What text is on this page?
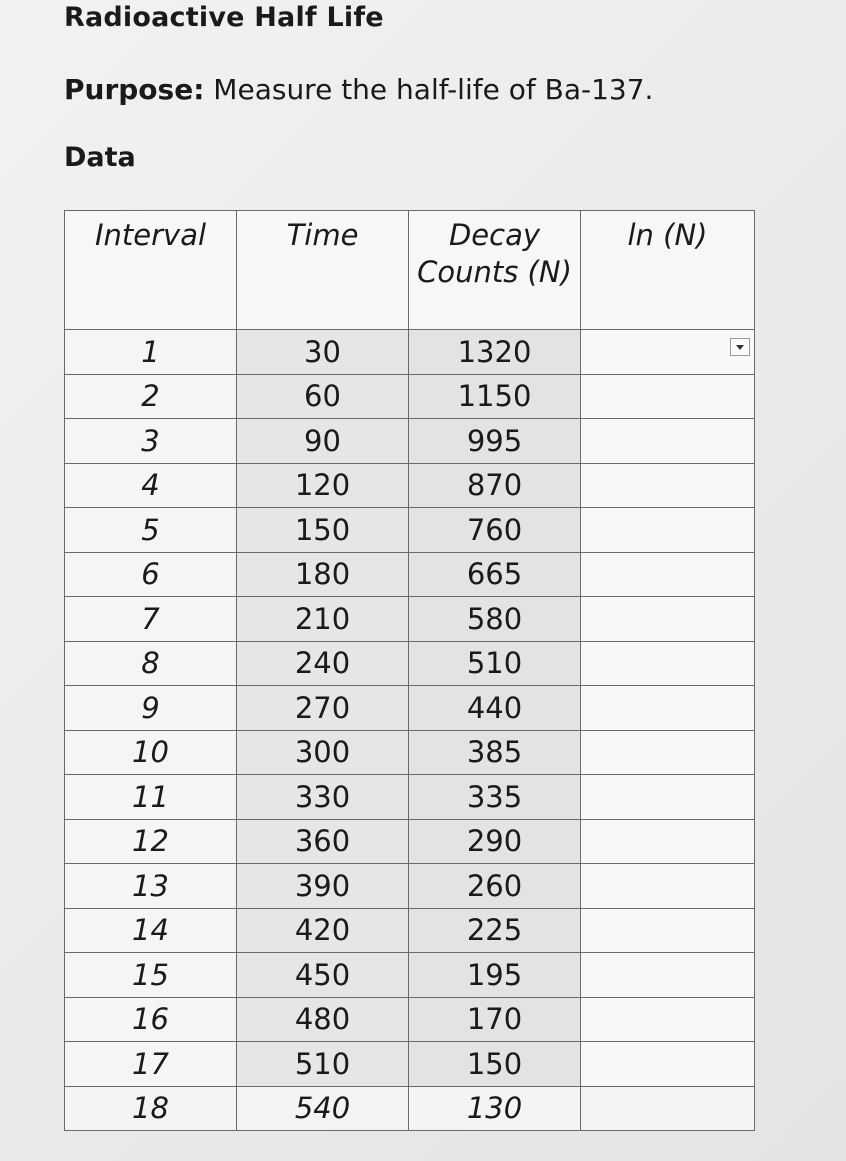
Radioactive Half Life
Purpose: Measure the half-life of Ba-137.
Data
Interval	Time	Decay Counts (N)	ln (N)
1	30	1320	

2	60	1150	
3	90	995	
4	120	870	
5	150	760	
6	180	665	
7	210	580	
8	240	510	
9	270	440	
10	300	385	
11	330	335	
12	360	290	
13	390	260	
14	420	225	
15	450	195	
16	480	170	
17	510	150	
18	540	130	
